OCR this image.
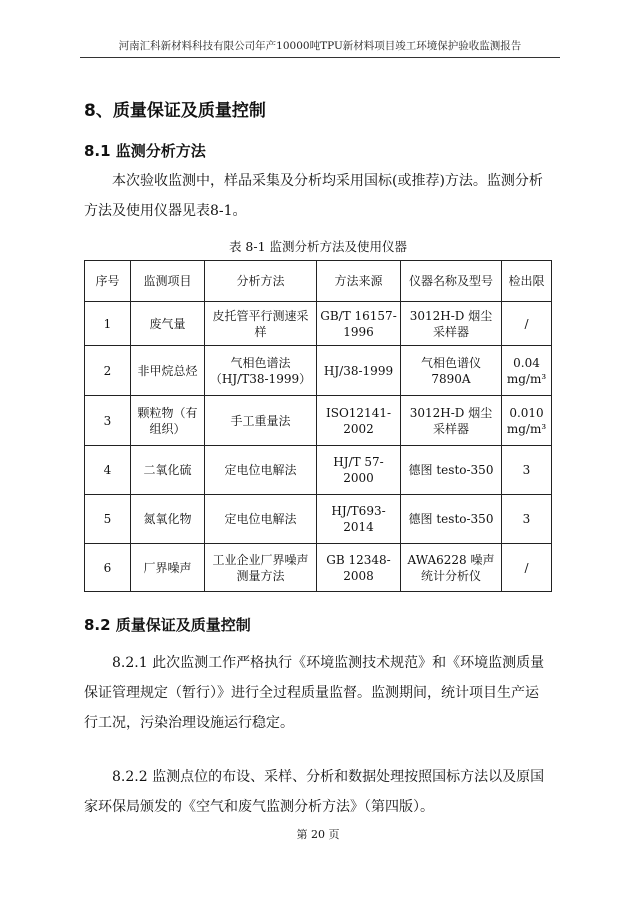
河南汇科新材料科技有限公司年产10000吨TPU新材料项目竣工环境保护验收监测报告
8、质量保证及质量控制
8.1 监测分析方法
本次验收监测中，样品采集及分析均采用国标(或推荐)方法。监测分析方法及使用仪器见表8-1。
表 8-1 监测分析方法及使用仪器
序号	监测项目	分析方法	方法来源	仪器名称及型号	检出限
1	废气量	皮托管平行测速采样	GB/T 16157-1996	3012H-D 烟尘采样器	/
2	非甲烷总烃	气相色谱法（HJ/T38-1999）	HJ/38-1999	气相色谱仪 7890A	0.04 mg/m³
3	颗粒物（有组织）	手工重量法	ISO12141-2002	3012H-D 烟尘采样器	0.010 mg/m³
4	二氧化硫	定电位电解法	HJ/T 57-2000	德图 testo-350	3
5	氮氧化物	定电位电解法	HJ/T693-2014	德图 testo-350	3
6	厂界噪声	工业企业厂界噪声测量方法	GB 12348-2008	AWA6228 噪声统计分析仪	/
8.2 质量保证及质量控制
8.2.1 此次监测工作严格执行《环境监测技术规范》和《环境监测质量保证管理规定（暂行）》进行全过程质量监督。监测期间，统计项目生产运行工况，污染治理设施运行稳定。
8.2.2 监测点位的布设、采样、分析和数据处理按照国标方法以及原国家环保局颁发的《空气和废气监测分析方法》（第四版）。
第 20 页
